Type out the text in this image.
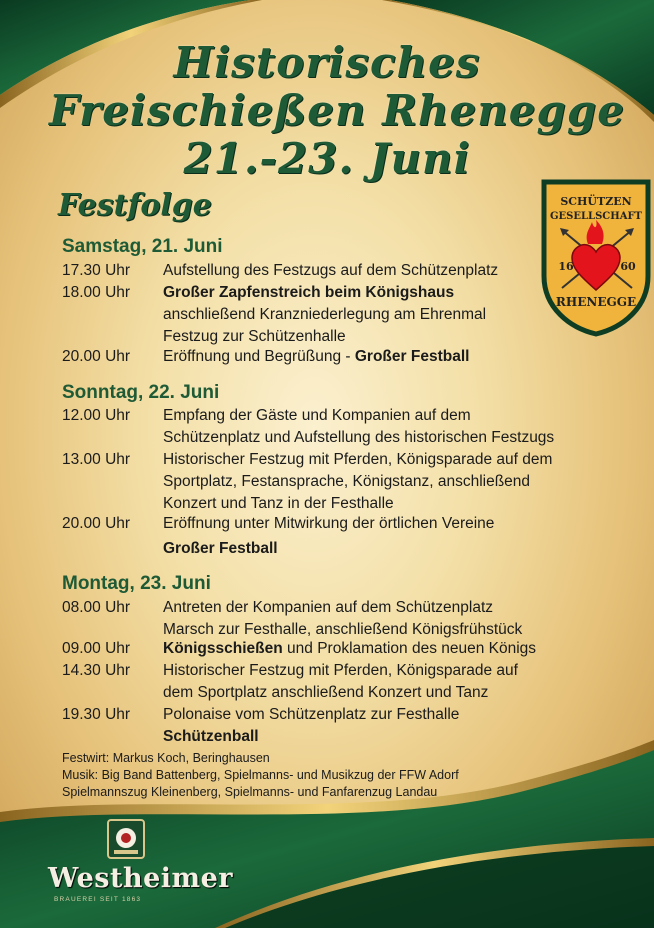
Historisches
Freischießen Rhenegge
21.-23. Juni
Festfolge	SCHÜTZEN
GESELLSCHAFT
16	60
RHENEGGE
Samstag, 21. Juni
17.30 Uhr	Aufstellung des Festzugs auf dem Schützenplatz
18.00 Uhr	Großer Zapfenstreich beim Königshaus
anschließend Kranzniederlegung am Ehrenmal
Festzug zur Schützenhalle
20.00 Uhr	Eröffnung und Begrüßung - Großer Festball
Sonntag, 22. Juni
12.00 Uhr	Empfang der Gäste und Kompanien auf dem
Schützenplatz und Aufstellung des historischen Festzugs
13.00 Uhr	Historischer Festzug mit Pferden, Königsparade auf dem
Sportplatz, Festansprache, Königstanz, anschließend
Konzert und Tanz in der Festhalle
20.00 Uhr	Eröffnung unter Mitwirkung der örtlichen Vereine
Großer Festball
Montag, 23. Juni
08.00 Uhr	Antreten der Kompanien auf dem Schützenplatz
Marsch zur Festhalle, anschließend Königsfrühstück
09.00 Uhr	Königsschießen und Proklamation des neuen Königs
14.30 Uhr	Historischer Festzug mit Pferden, Königsparade auf
dem Sportplatz anschließend Konzert und Tanz
19.30 Uhr	Polonaise vom Schützenplatz zur Festhalle
Schützenball
Festwirt: Markus Koch, Beringhausen
Musik: Big Band Battenberg, Spielmanns- und Musikzug der FFW Adorf
Spielmannszug Kleinenberg, Spielmanns- und Fanfarenzug Landau
Westheimer
BRAUEREI SEIT 1863
